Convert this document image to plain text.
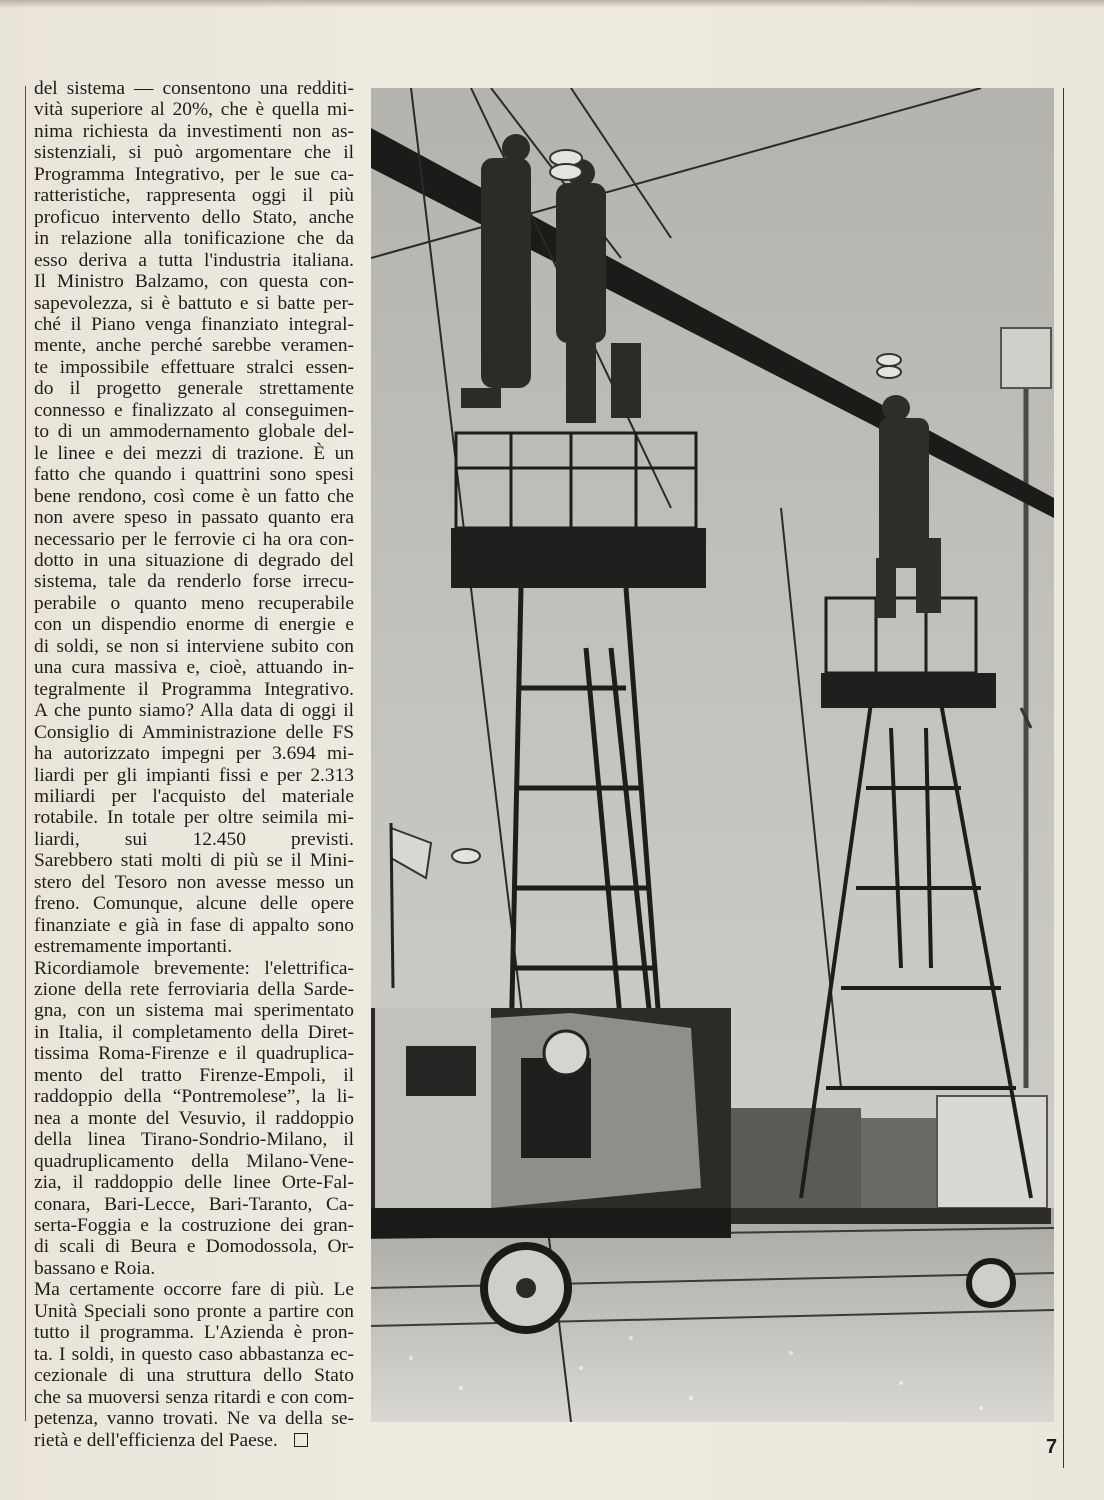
del sistema — consentono una redditi-
vità superiore al 20%, che è quella mi-
nima richiesta da investimenti non as-
sistenziali, si può argomentare che il
Programma Integrativo, per le sue ca-
ratteristiche, rappresenta oggi il più
proficuo intervento dello Stato, anche
in relazione alla tonificazione che da
esso deriva a tutta l'industria italiana.
Il Ministro Balzamo, con questa con-
sapevolezza, si è battuto e si batte per-
ché il Piano venga finanziato integral-
mente, anche perché sarebbe veramen-
te impossibile effettuare stralci essen-
do il progetto generale strettamente
connesso e finalizzato al conseguimen-
to di un ammodernamento globale del-
le linee e dei mezzi di trazione. È un
fatto che quando i quattrini sono spesi
bene rendono, così come è un fatto che
non avere speso in passato quanto era
necessario per le ferrovie ci ha ora con-
dotto in una situazione di degrado del
sistema, tale da renderlo forse irrecu-
perabile o quanto meno recuperabile
con un dispendio enorme di energie e
di soldi, se non si interviene subito con
una cura massiva e, cioè, attuando in-
tegralmente il Programma Integrativo.
A che punto siamo? Alla data di oggi il
Consiglio di Amministrazione delle FS
ha autorizzato impegni per 3.694 mi-
liardi per gli impianti fissi e per 2.313
miliardi per l'acquisto del materiale
rotabile. In totale per oltre seimila mi-
liardi, sui 12.450 previsti.
Sarebbero stati molti di più se il Mini-
stero del Tesoro non avesse messo un
freno. Comunque, alcune delle opere
finanziate e già in fase di appalto sono
estremamente importanti.
Ricordiamole brevemente: l'elettrifica-
zione della rete ferroviaria della Sarde-
gna, con un sistema mai sperimentato
in Italia, il completamento della Diret-
tissima Roma-Firenze e il quadruplica-
mento del tratto Firenze-Empoli, il
raddoppio della “Pontremolese”, la li-
nea a monte del Vesuvio, il raddoppio
della linea Tirano-Sondrio-Milano, il
quadruplicamento della Milano-Vene-
zia, il raddoppio delle linee Orte-Fal-
conara, Bari-Lecce, Bari-Taranto, Ca-
serta-Foggia e la costruzione dei gran-
di scali di Beura e Domodossola, Or-
bassano e Roia.
Ma certamente occorre fare di più. Le
Unità Speciali sono pronte a partire con
tutto il programma. L'Azienda è pron-
ta. I soldi, in questo caso abbastanza ec-
cezionale di una struttura dello Stato
che sa muoversi senza ritardi e con com-
petenza, vanno trovati. Ne va della se-
rietà e dell'efficienza del Paese.	7
